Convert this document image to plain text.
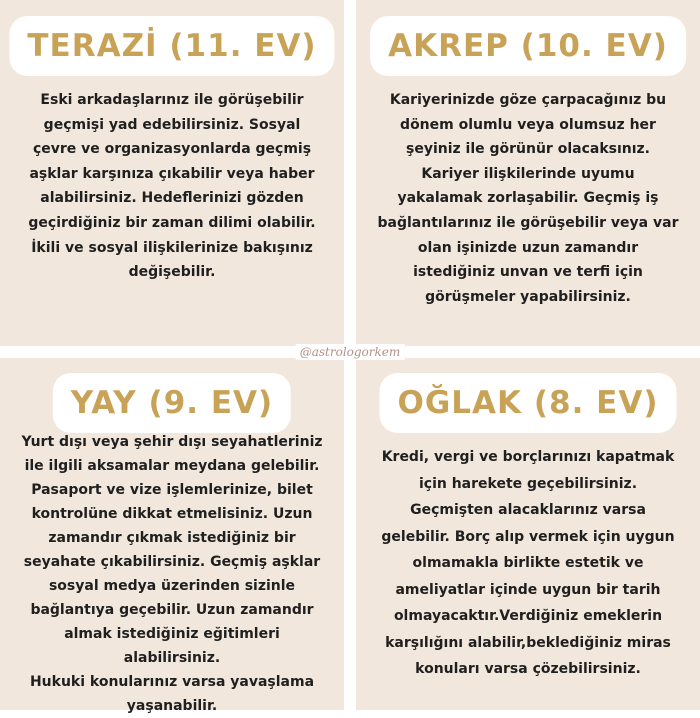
TERAZİ (11. EV)
Eski arkadaşlarınız ile görüşebilir
geçmişi yad edebilirsiniz. Sosyal
çevre ve organizasyonlarda geçmiş
aşklar karşınıza çıkabilir veya haber
alabilirsiniz. Hedeflerinizi gözden
geçirdiğiniz bir zaman dilimi olabilir.
İkili ve sosyal ilişkilerinize bakışınız
değişebilir.
AKREP (10. EV)
Kariyerinizde göze çarpacağınız bu
dönem olumlu veya olumsuz her
şeyiniz ile görünür olacaksınız.
Kariyer ilişkilerinde uyumu
yakalamak zorlaşabilir. Geçmiş iş
bağlantılarınız ile görüşebilir veya var
olan işinizde uzun zamandır
istediğiniz unvan ve terfi için
görüşmeler yapabilirsiniz.
YAY (9. EV)
Yurt dışı veya şehir dışı seyahatleriniz
ile ilgili aksamalar meydana gelebilir.
Pasaport ve vize işlemlerinize, bilet
kontrolüne dikkat etmelisiniz. Uzun
zamandır çıkmak istediğiniz bir
seyahate çıkabilirsiniz. Geçmiş aşklar
sosyal medya üzerinden sizinle
bağlantıya geçebilir. Uzun zamandır
almak istediğiniz eğitimleri alabilirsiniz.
Hukuki konularınız varsa yavaşlama
yaşanabilir.
OĞLAK (8. EV)
Kredi, vergi ve borçlarınızı kapatmak
için harekete geçebilirsiniz.
Geçmişten alacaklarınız varsa
gelebilir. Borç alıp vermek için uygun
olmamakla birlikte estetik ve
ameliyatlar içinde uygun bir tarih
olmayacaktır.Verdiğiniz emeklerin
karşılığını alabilir,beklediğiniz miras
konuları varsa çözebilirsiniz.
@astrologorkem
